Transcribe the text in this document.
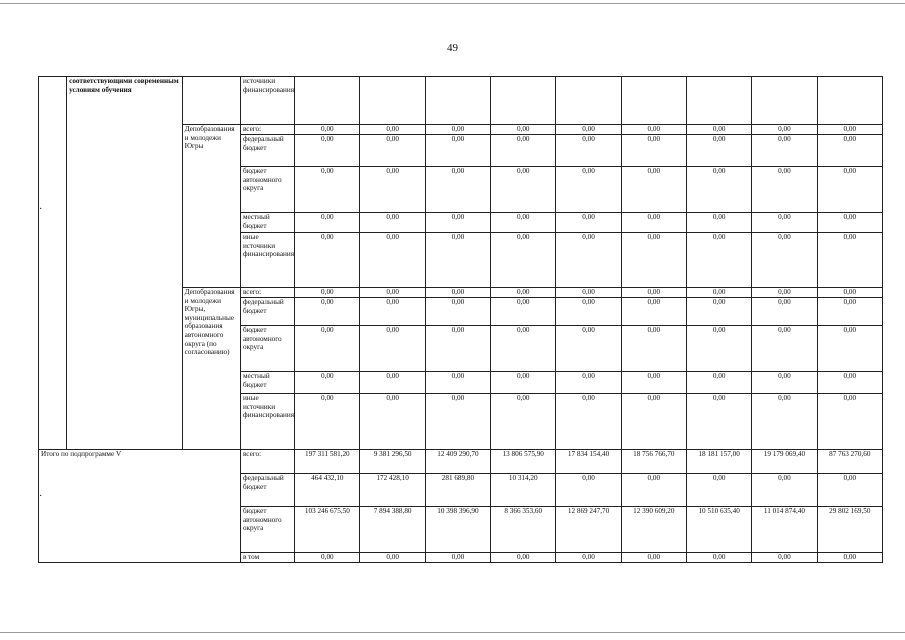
49
·
·
	соответствующими современным условиям обучения		источники финансирования									
		Депобразования и молодежи Югры	всего:	0,00	0,00	0,00	0,00	0,00	0,00	0,00	0,00	0,00
			федеральный бюджет	0,00	0,00	0,00	0,00	0,00	0,00	0,00	0,00	0,00
			бюджет автономного округа	0,00	0,00	0,00	0,00	0,00	0,00	0,00	0,00	0,00
			местный бюджет	0,00	0,00	0,00	0,00	0,00	0,00	0,00	0,00	0,00
			иные источники финансирования	0,00	0,00	0,00	0,00	0,00	0,00	0,00	0,00	0,00
		Депобразования и молодежи Югры, муниципальные образования автономного округа (по согласованию)	всего:	0,00	0,00	0,00	0,00	0,00	0,00	0,00	0,00	0,00
			федеральный бюджет	0,00	0,00	0,00	0,00	0,00	0,00	0,00	0,00	0,00
			бюджет автономного округа	0,00	0,00	0,00	0,00	0,00	0,00	0,00	0,00	0,00
			местный бюджет	0,00	0,00	0,00	0,00	0,00	0,00	0,00	0,00	0,00
			иные источники финансирования	0,00	0,00	0,00	0,00	0,00	0,00	0,00	0,00	0,00
Итого по подпрограмме V			всего:	197 311 581,20	9 381 296,50	12 409 290,70	13 806 575,90	17 834 154,40	18 756 766,70	18 181 157,00	19 179 069,40	87 763 270,60
			федеральный бюджет	464 432,10	172 428,10	281 689,80	10 314,20	0,00	0,00	0,00	0,00	0,00
			бюджет автономного округа	103 246 675,50	7 894 388,80	10 398 396,90	8 366 353,60	12 869 247,70	12 390 609,20	10 510 635,40	11 014 874,40	29 802 169,50
			в том	0,00	0,00	0,00	0,00	0,00	0,00	0,00	0,00	0,00
